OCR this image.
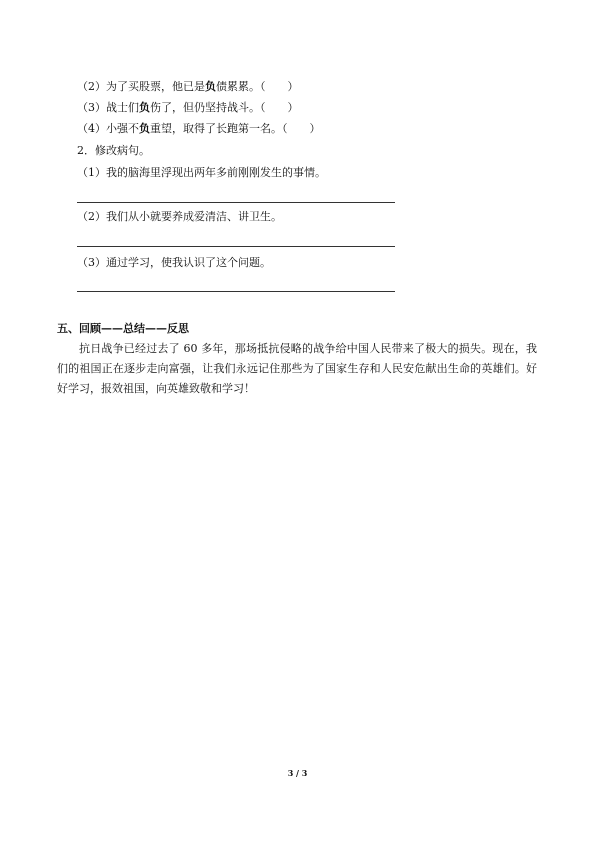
（2）为了买股票，他已是负债累累。（　　）
（3）战士们负伤了，但仍坚持战斗。（　　）
（4）小强不负重望，取得了长跑第一名。（　　）
2．修改病句。
（1）我的脑海里浮现出两年多前刚刚发生的事情。
（2）我们从小就要养成爱清洁、讲卫生。
（3）通过学习，使我认识了这个问题。
五、回顾——总结——反思
抗日战争已经过去了 60 多年，那场抵抗侵略的战争给中国人民带来了极大的损失。现在，我们的祖国正在逐步走向富强，让我们永远记住那些为了国家生存和人民安危献出生命的英雄们。好好学习，报效祖国，向英雄致敬和学习！
3 / 3
